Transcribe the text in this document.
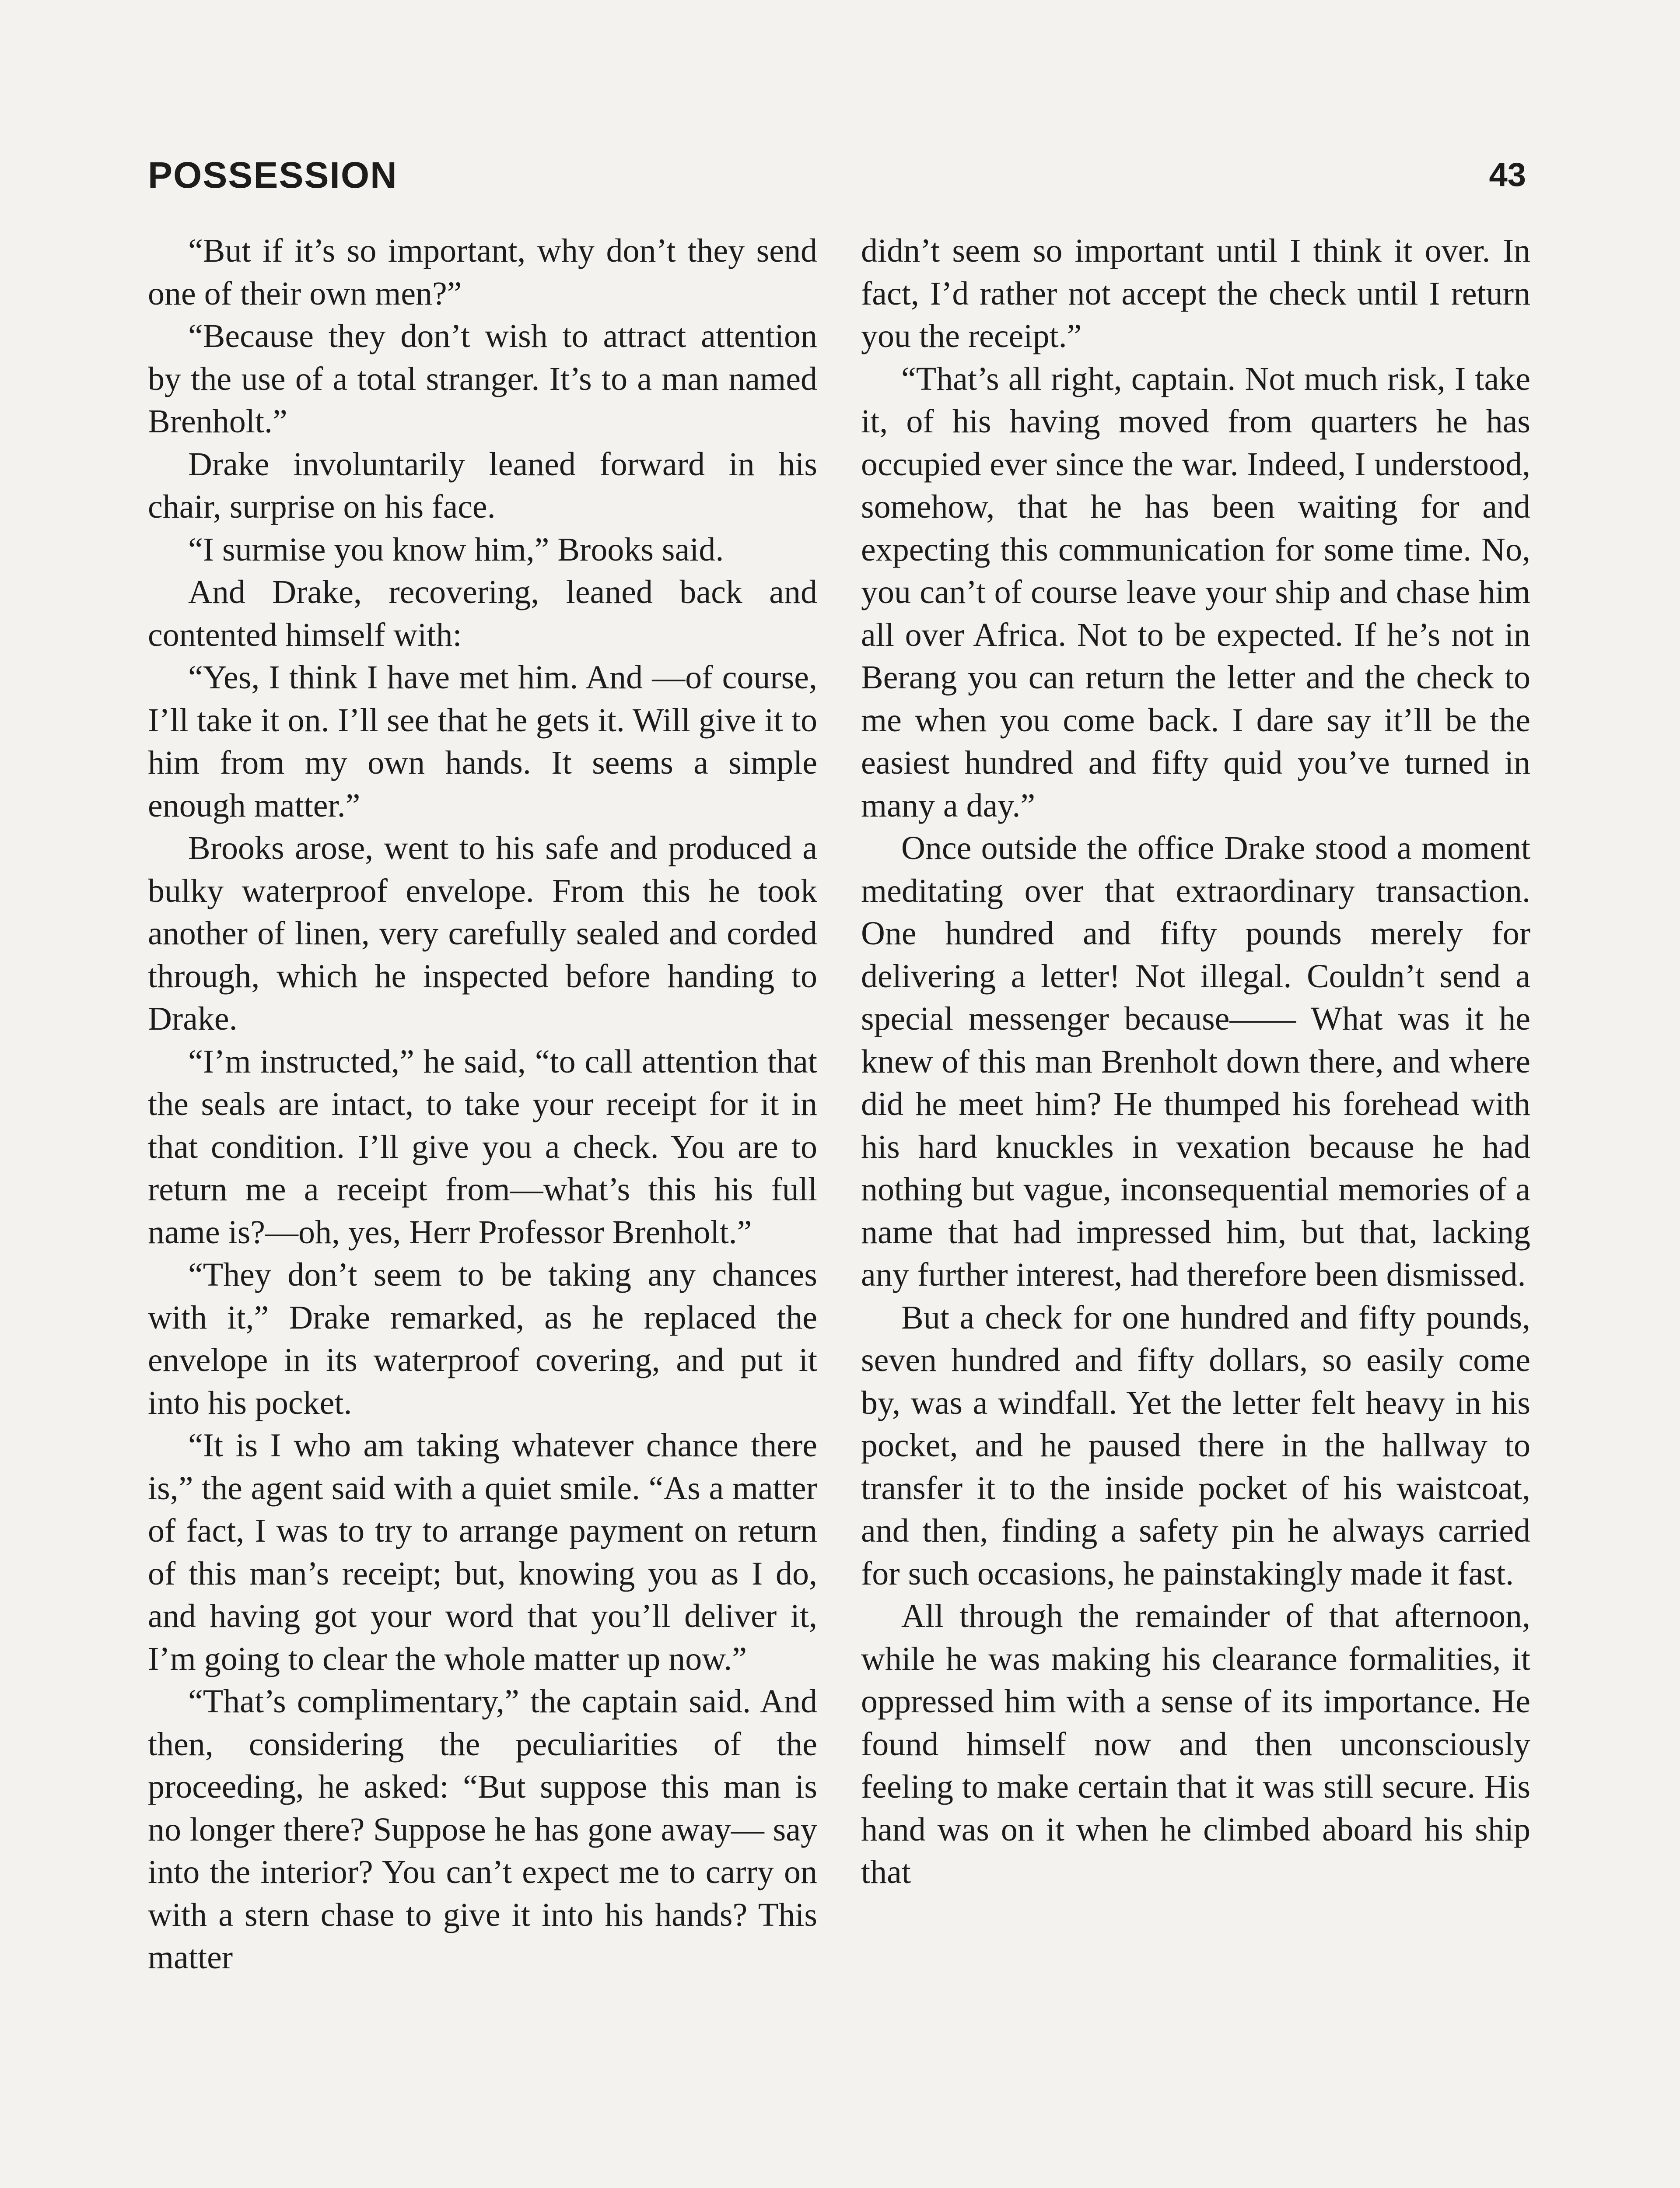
POSSESSION	43

“But if it’s so important, why don’t they send one of their own men?”

“Because they don’t wish to attract attention by the use of a total stranger. It’s to a man named Brenholt.”

Drake involuntarily leaned forward in his chair, surprise on his face.

“I surmise you know him,” Brooks said.

And Drake, recovering, leaned back and contented himself with:

“Yes, I think I have met him. And —of course, I’ll take it on. I’ll see that he gets it. Will give it to him from my own hands. It seems a simple enough matter.”

Brooks arose, went to his safe and produced a bulky waterproof envelope. From this he took another of linen, very carefully sealed and corded through, which he inspected before handing to Drake.

“I’m instructed,” he said, “to call attention that the seals are intact, to take your receipt for it in that condition. I’ll give you a check. You are to return me a receipt from—what’s this his full name is?—oh, yes, Herr Professor Brenholt.”

“They don’t seem to be taking any chances with it,” Drake remarked, as he replaced the envelope in its waterproof covering, and put it into his pocket.

“It is I who am taking whatever chance there is,” the agent said with a quiet smile. “As a matter of fact, I was to try to arrange payment on return of this man’s receipt; but, knowing you as I do, and having got your word that you’ll deliver it, I’m going to clear the whole matter up now.”

“That’s complimentary,” the captain said. And then, considering the peculiarities of the proceeding, he asked: “But suppose this man is no longer there? Suppose he has gone away— say into the interior? You can’t expect me to carry on with a stern chase to give it into his hands? This matter

didn’t seem so important until I think it over. In fact, I’d rather not accept the check until I return you the receipt.”

“That’s all right, captain. Not much risk, I take it, of his having moved from quarters he has occupied ever since the war. Indeed, I understood, somehow, that he has been waiting for and expecting this communication for some time. No, you can’t of course leave your ship and chase him all over Africa. Not to be expected. If he’s not in Berang you can return the letter and the check to me when you come back. I dare say it’ll be the easiest hundred and fifty quid you’ve turned in many a day.”

Once outside the office Drake stood a moment meditating over that extraordinary transaction. One hundred and fifty pounds merely for delivering a letter! Not illegal. Couldn’t send a special messenger because—— What was it he knew of this man Brenholt down there, and where did he meet him? He thumped his forehead with his hard knuckles in vexation because he had nothing but vague, inconsequential memories of a name that had impressed him, but that, lacking any further interest, had therefore been dismissed.

But a check for one hundred and fifty pounds, seven hundred and fifty dollars, so easily come by, was a windfall. Yet the letter felt heavy in his pocket, and he paused there in the hallway to transfer it to the inside pocket of his waistcoat, and then, finding a safety pin he always carried for such occasions, he painstakingly made it fast.

All through the remainder of that afternoon, while he was making his clearance formalities, it oppressed him with a sense of its importance. He found himself now and then unconsciously feeling to make certain that it was still secure. His hand was on it when he climbed aboard his ship that
